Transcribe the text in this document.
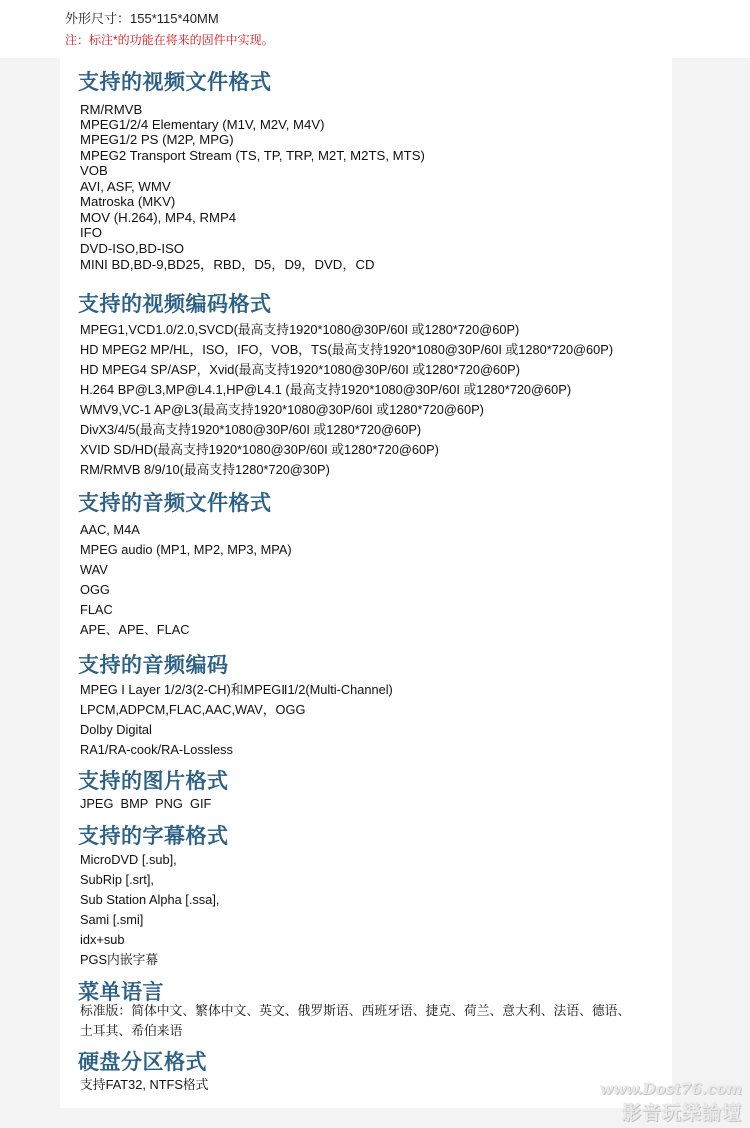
外形尺寸：155*115*40MM
注：标注*的功能在将来的固件中实现。
支持的视频文件格式
RM/RMVB
MPEG1/2/4 Elementary (M1V, M2V, M4V)
MPEG1/2 PS (M2P, MPG)
MPEG2 Transport Stream (TS, TP, TRP, M2T, M2TS, MTS)
VOB
AVI, ASF, WMV
Matroska (MKV)
MOV (H.264), MP4, RMP4
IFO
DVD-ISO,BD-ISO
MINI BD,BD-9,BD25，RBD，D5，D9，DVD，CD
支持的视频编码格式
MPEG1,VCD1.0/2.0,SVCD(最高支持1920*1080@30P/60I 或1280*720@60P)
HD MPEG2 MP/HL，ISO，IFO，VOB，TS(最高支持1920*1080@30P/60I 或1280*720@60P)
HD MPEG4 SP/ASP，Xvid(最高支持1920*1080@30P/60I 或1280*720@60P)
H.264 BP@L3,MP@L4.1,HP@L4.1 (最高支持1920*1080@30P/60I 或1280*720@60P)
WMV9,VC-1 AP@L3(最高支持1920*1080@30P/60I 或1280*720@60P)
DivX3/4/5(最高支持1920*1080@30P/60I 或1280*720@60P)
XVID SD/HD(最高支持1920*1080@30P/60I 或1280*720@60P)
RM/RMVB 8/9/10(最高支持1280*720@30P)
支持的音频文件格式
AAC, M4A
MPEG audio (MP1, MP2, MP3, MPA)
WAV
OGG
FLAC
APE、APE、FLAC
支持的音频编码
MPEG I Layer 1/2/3(2-CH)和MPEGⅡ1/2(Multi-Channel)
LPCM,ADPCM,FLAC,AAC,WAV，OGG
Dolby Digital
RA1/RA-cook/RA-Lossless
支持的图片格式
JPEG  BMP  PNG  GIF
支持的字幕格式
MicroDVD [.sub],
SubRip [.srt],
Sub Station Alpha [.ssa],
Sami [.smi]
idx+sub
PGS内嵌字幕
菜单语言
标准版：简体中文、繁体中文、英文、俄罗斯语、西班牙语、捷克、荷兰、意大利、法语、德语、
土耳其、希伯来语
硬盘分区格式
支持FAT32, NTFS格式	www.Dost76.com
影音玩樂論壇
